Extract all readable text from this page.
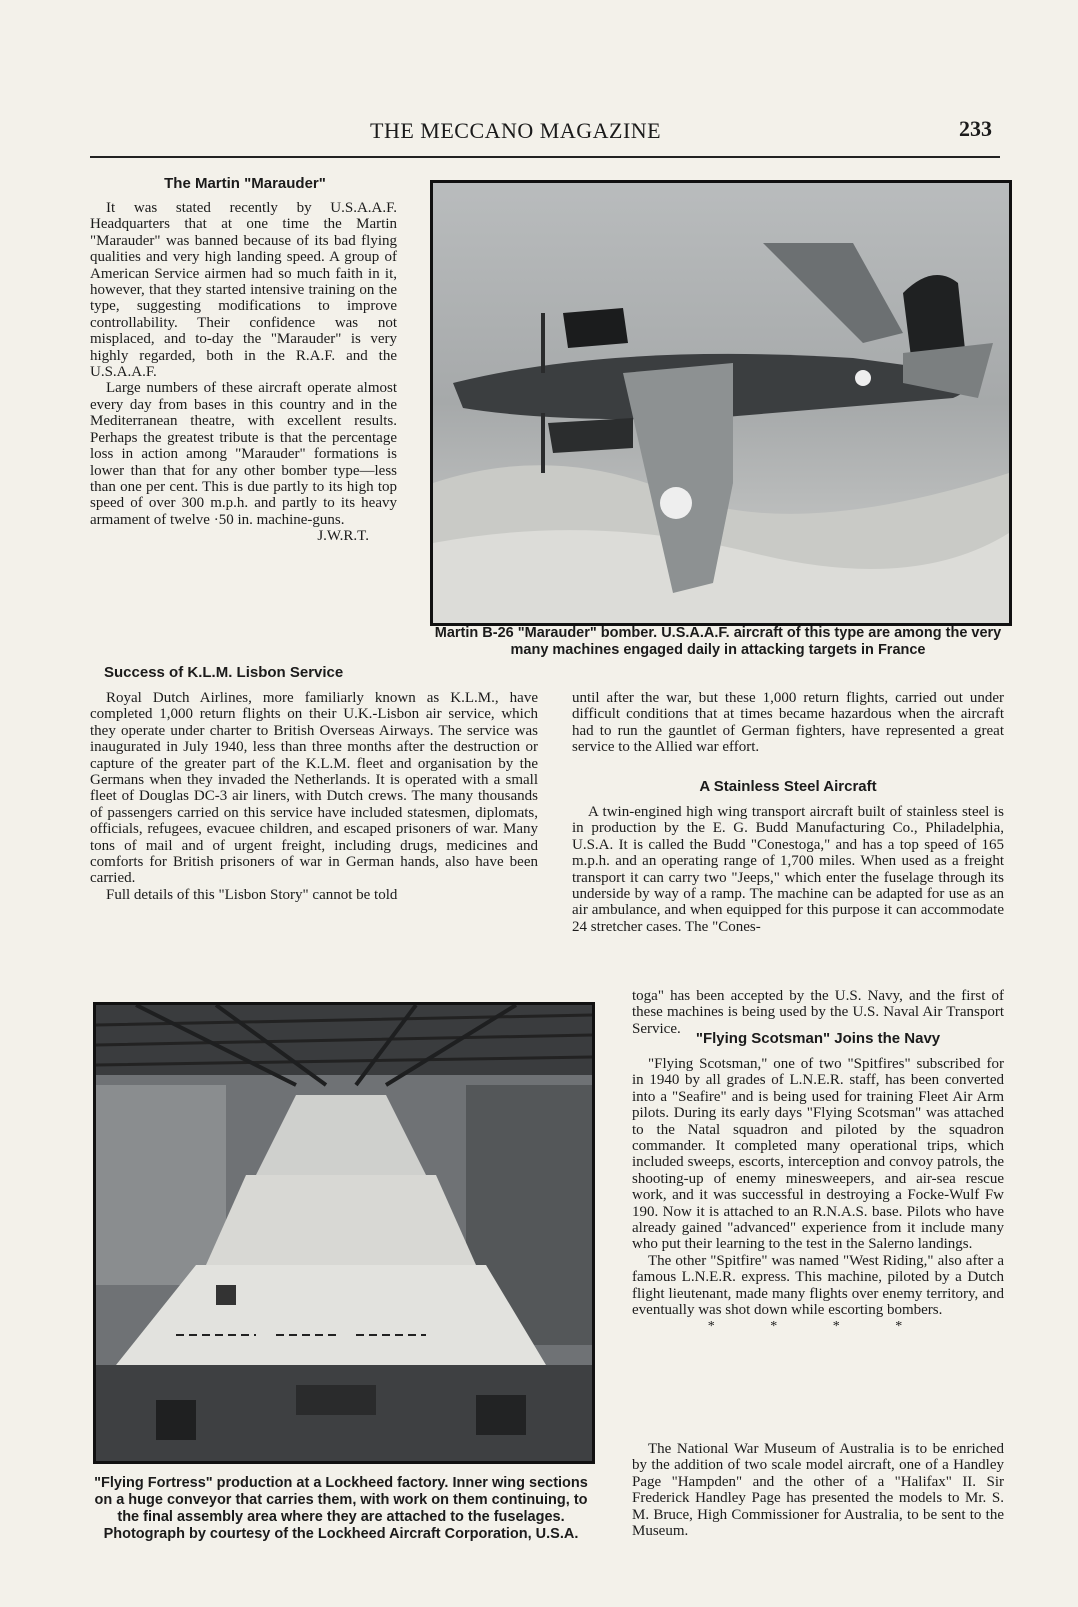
THE MECCANO MAGAZINE	233
The Martin "Marauder"

It was stated recently by U.S.A.A.F. Headquarters that at one time the Martin "Marauder" was banned because of its bad flying qualities and very high landing speed. A group of American Service airmen had so much faith in it, however, that they started intensive training on the type, suggesting modifications to improve controllability. Their confidence was not misplaced, and to-day the "Marauder" is very highly regarded, both in the R.A.F. and the U.S.A.A.F.

Large numbers of these aircraft operate almost every day from bases in this country and in the Mediterranean theatre, with excellent results. Perhaps the greatest tribute is that the percentage loss in action among "Marauder" formations is lower than that for any other bomber type—less than one per cent. This is due partly to its high top speed of over 300 m.p.h. and partly to its heavy armament of twelve ·50 in. machine-guns.

J.W.R.T.
Martin B-26 "Marauder" bomber. U.S.A.A.F. aircraft of this type are among the very many machines engaged daily in attacking targets in France
Success of K.L.M. Lisbon Service

Royal Dutch Airlines, more familiarly known as K.L.M., have completed 1,000 return flights on their U.K.-Lisbon air service, which they operate under charter to British Overseas Airways. The service was inaugurated in July 1940, less than three months after the destruction or capture of the greater part of the K.L.M. fleet and organisation by the Germans when they invaded the Netherlands. It is operated with a small fleet of Douglas DC-3 air liners, with Dutch crews. The many thousands of passengers carried on this service have included statesmen, diplomats, officials, refugees, evacuee children, and escaped prisoners of war. Many tons of mail and of urgent freight, including drugs, medicines and comforts for British prisoners of war in German hands, also have been carried.

Full details of this "Lisbon Story" cannot be told

until after the war, but these 1,000 return flights, carried out under difficult conditions that at times became hazardous when the aircraft had to run the gauntlet of German fighters, have represented a great service to the Allied war effort.
A Stainless Steel Aircraft

A twin-engined high wing transport aircraft built of stainless steel is in production by the E. G. Budd Manufacturing Co., Philadelphia, U.S.A. It is called the Budd "Conestoga," and has a top speed of 165 m.p.h. and an operating range of 1,700 miles. When used as a freight transport it can carry two "Jeeps," which enter the fuselage through its underside by way of a ramp. The machine can be adapted for use as an air ambulance, and when equipped for this purpose it can accommodate 24 stretcher cases. The "Cones-

toga" has been accepted by the U.S. Navy, and the first of these machines is being used by the U.S. Naval Air Transport Service.
"Flying Scotsman" Joins the Navy

"Flying Scotsman," one of two "Spitfires" subscribed for in 1940 by all grades of L.N.E.R. staff, has been converted into a "Seafire" and is being used for training Fleet Air Arm pilots. During its early days "Flying Scotsman" was attached to the Natal squadron and piloted by the squadron commander. It completed many operational trips, which included sweeps, escorts, interception and convoy patrols, the shooting-up of enemy minesweepers, and air-sea rescue work, and it was successful in destroying a Focke-Wulf Fw 190. Now it is attached to an R.N.A.S. base. Pilots who have already gained "advanced" experience from it include many who put their learning to the test in the Salerno landings.

The other "Spitfire" was named "West Riding," also after a famous L.N.E.R. express. This machine, piloted by a Dutch flight lieutenant, made many flights over enemy territory, and eventually was shot down while escorting bombers.

* * * *

The National War Museum of Australia is to be enriched by the addition of two scale model aircraft, one of a Handley Page "Hampden" and the other of a "Halifax" II. Sir Frederick Handley Page has presented the models to Mr. S. M. Bruce, High Commissioner for Australia, to be sent to the Museum.

"Flying Fortress" production at a Lockheed factory. Inner wing sections on a huge conveyor that carries them, with work on them continuing, to the final assembly area where they are attached to the fuselages. Photograph by courtesy of the Lockheed Aircraft Corporation, U.S.A.
